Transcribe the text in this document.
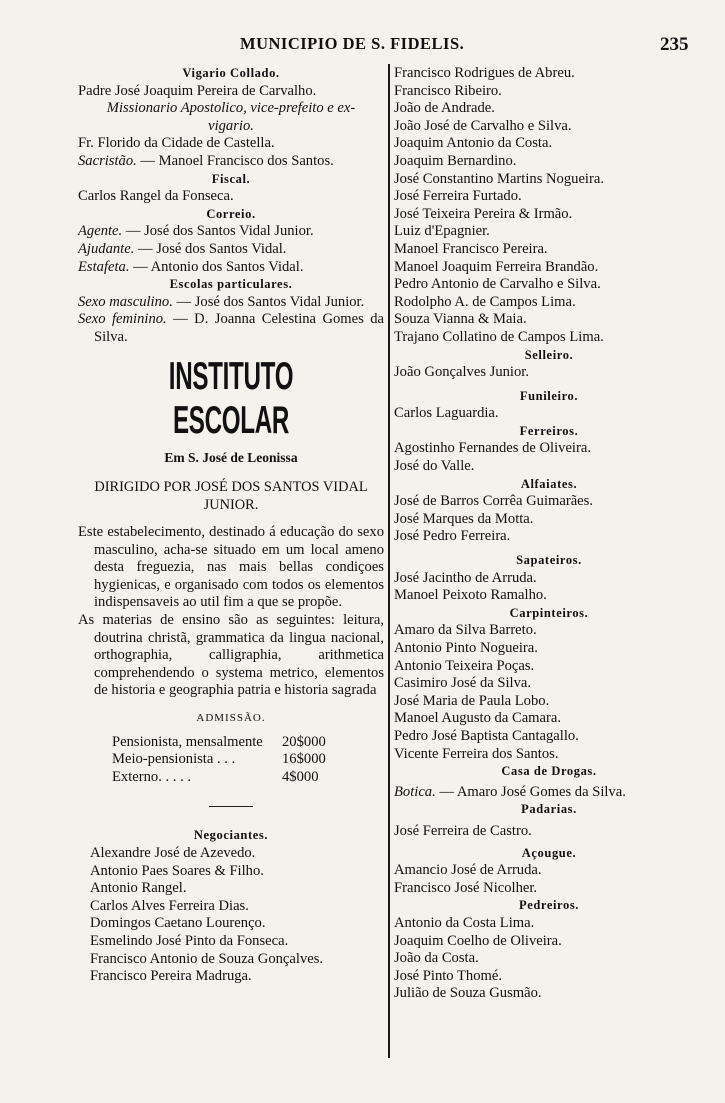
MUNICIPIO DE S. FIDELIS.	235
Vigario Collado.
Padre José Joaquim Pereira de Carvalho.
Missionario Apostolico, vice-prefeito e ex-vigario.
Fr. Florido da Cidade de Castella.
Sacristão. — Manoel Francisco dos Santos.
Fiscal.
Carlos Rangel da Fonseca.
Correio.
Agente. — José dos Santos Vidal Junior.
Ajudante. — José dos Santos Vidal.
Estafeta. — Antonio dos Santos Vidal.
Escolas particulares.
Sexo masculino. — José dos Santos Vidal Junior.
Sexo feminino. — D. Joanna Celestina Gomes da Silva.
INSTITUTO ESCOLAR
Em S. José de Leonissa
DIRIGIDO POR JOSÉ DOS SANTOS VIDAL JUNIOR.
Este estabelecimento, destinado á educação do sexo masculino, acha-se situado em um local ameno desta freguezia, nas mais bellas condiçoes hygienicas, e organisado com todos os elementos indispensaveis ao util fim a que se propõe.
As materias de ensino são as seguintes: leitura, doutrina christã, grammatica da lingua nacional, orthographia, calligraphia, arithmetica comprehendendo o systema metrico, elementos de historia e geographia patria e historia sagrada
ADMISSÃO.
Pensionista, mensalmente	20$000
Meio-pensionista . . .	16$000
Externo. . . . .	4$000
Negociantes.
Alexandre José de Azevedo.
Antonio Paes Soares & Filho.
Antonio Rangel.
Carlos Alves Ferreira Dias.
Domingos Caetano Lourenço.
Esmelindo José Pinto da Fonseca.
Francisco Antonio de Souza Gonçalves.
Francisco Pereira Madruga.
Francisco Rodrigues de Abreu.
Francisco Ribeiro.
João de Andrade.
João José de Carvalho e Silva.
Joaquim Antonio da Costa.
Joaquim Bernardino.
José Constantino Martins Nogueira.
José Ferreira Furtado.
José Teixeira Pereira & Irmão.
Luiz d'Epagnier.
Manoel Francisco Pereira.
Manoel Joaquim Ferreira Brandão.
Pedro Antonio de Carvalho e Silva.
Rodolpho A. de Campos Lima.
Souza Vianna & Maia.
Trajano Collatino de Campos Lima.
Selleiro.
João Gonçalves Junior.
Funileiro.
Carlos Laguardia.
Ferreiros.
Agostinho Fernandes de Oliveira.
José do Valle.
Alfaiates.
José de Barros Corrêa Guimarães.
José Marques da Motta.
José Pedro Ferreira.
Sapateiros.
José Jacintho de Arruda.
Manoel Peixoto Ramalho.
Carpinteiros.
Amaro da Silva Barreto.
Antonio Pinto Nogueira.
Antonio Teixeira Poças.
Casimiro José da Silva.
José Maria de Paula Lobo.
Manoel Augusto da Camara.
Pedro José Baptista Cantagallo.
Vicente Ferreira dos Santos.
Casa de Drogas.
Botica. — Amaro José Gomes da Silva.
Padarias.
José Ferreira de Castro.
Açougue.
Amancio José de Arruda.
Francisco José Nicolher.
Pedreiros.
Antonio da Costa Lima.
Joaquim Coelho de Oliveira.
João da Costa.
José Pinto Thomé.
Julião de Souza Gusmão.
